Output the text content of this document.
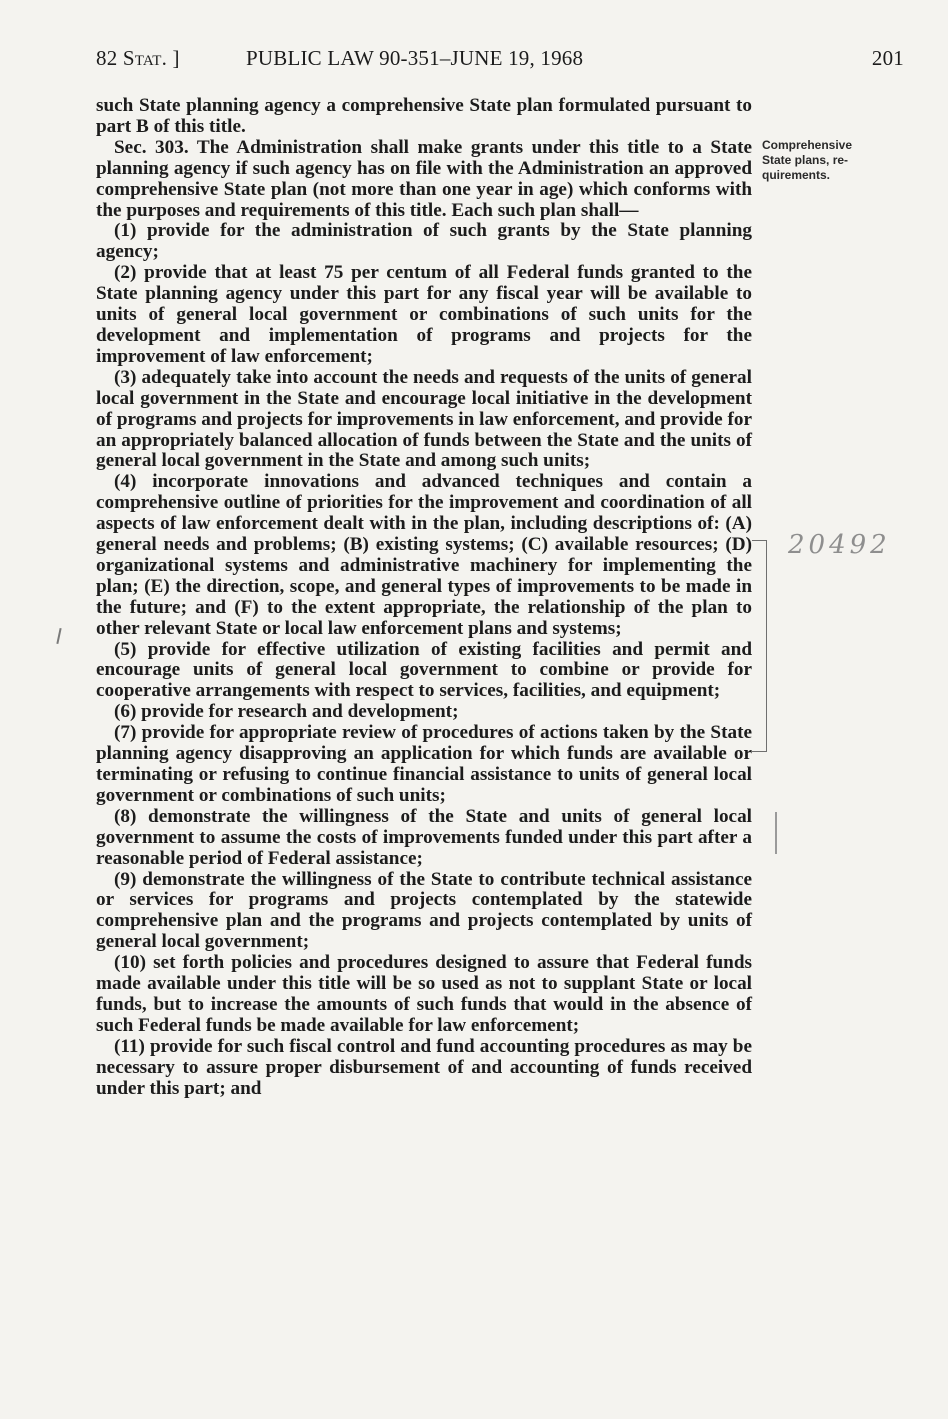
82 Stat. ]	PUBLIC LAW 90-351–JUNE 19, 1968	201
Comprehensive
State plans, re-
quirements.
20492

such State planning agency a comprehensive State plan formulated pursuant to part B of this title.

Sec. 303. The Administration shall make grants under this title to a State planning agency if such agency has on file with the Administration an approved comprehensive State plan (not more than one year in age) which conforms with the purposes and requirements of this title. Each such plan shall—

(1) provide for the administration of such grants by the State planning agency;

(2) provide that at least 75 per centum of all Federal funds granted to the State planning agency under this part for any fiscal year will be available to units of general local government or combinations of such units for the development and implementation of programs and projects for the improvement of law enforcement;

(3) adequately take into account the needs and requests of the units of general local government in the State and encourage local initiative in the development of programs and projects for improvements in law enforcement, and provide for an appropriately balanced allocation of funds between the State and the units of general local government in the State and among such units;

(4) incorporate innovations and advanced techniques and contain a comprehensive outline of priorities for the improvement and coordination of all aspects of law enforcement dealt with in the plan, including descriptions of: (A) general needs and problems; (B) existing systems; (C) available resources; (D) organizational systems and administrative machinery for implementing the plan; (E) the direction, scope, and general types of improvements to be made in the future; and (F) to the extent appropriate, the relationship of the plan to other relevant State or local law enforcement plans and systems;

(5) provide for effective utilization of existing facilities and permit and encourage units of general local government to combine or provide for cooperative arrangements with respect to services, facilities, and equipment;

(6) provide for research and development;

(7) provide for appropriate review of procedures of actions taken by the State planning agency disapproving an application for which funds are available or terminating or refusing to continue financial assistance to units of general local government or combinations of such units;

(8) demonstrate the willingness of the State and units of general local government to assume the costs of improvements funded under this part after a reasonable period of Federal assistance;

(9) demonstrate the willingness of the State to contribute technical assistance or services for programs and projects contemplated by the statewide comprehensive plan and the programs and projects contemplated by units of general local government;

(10) set forth policies and procedures designed to assure that Federal funds made available under this title will be so used as not to supplant State or local funds, but to increase the amounts of such funds that would in the absence of such Federal funds be made available for law enforcement;

(11) provide for such fiscal control and fund accounting procedures as may be necessary to assure proper disbursement of and accounting of funds received under this part; and
